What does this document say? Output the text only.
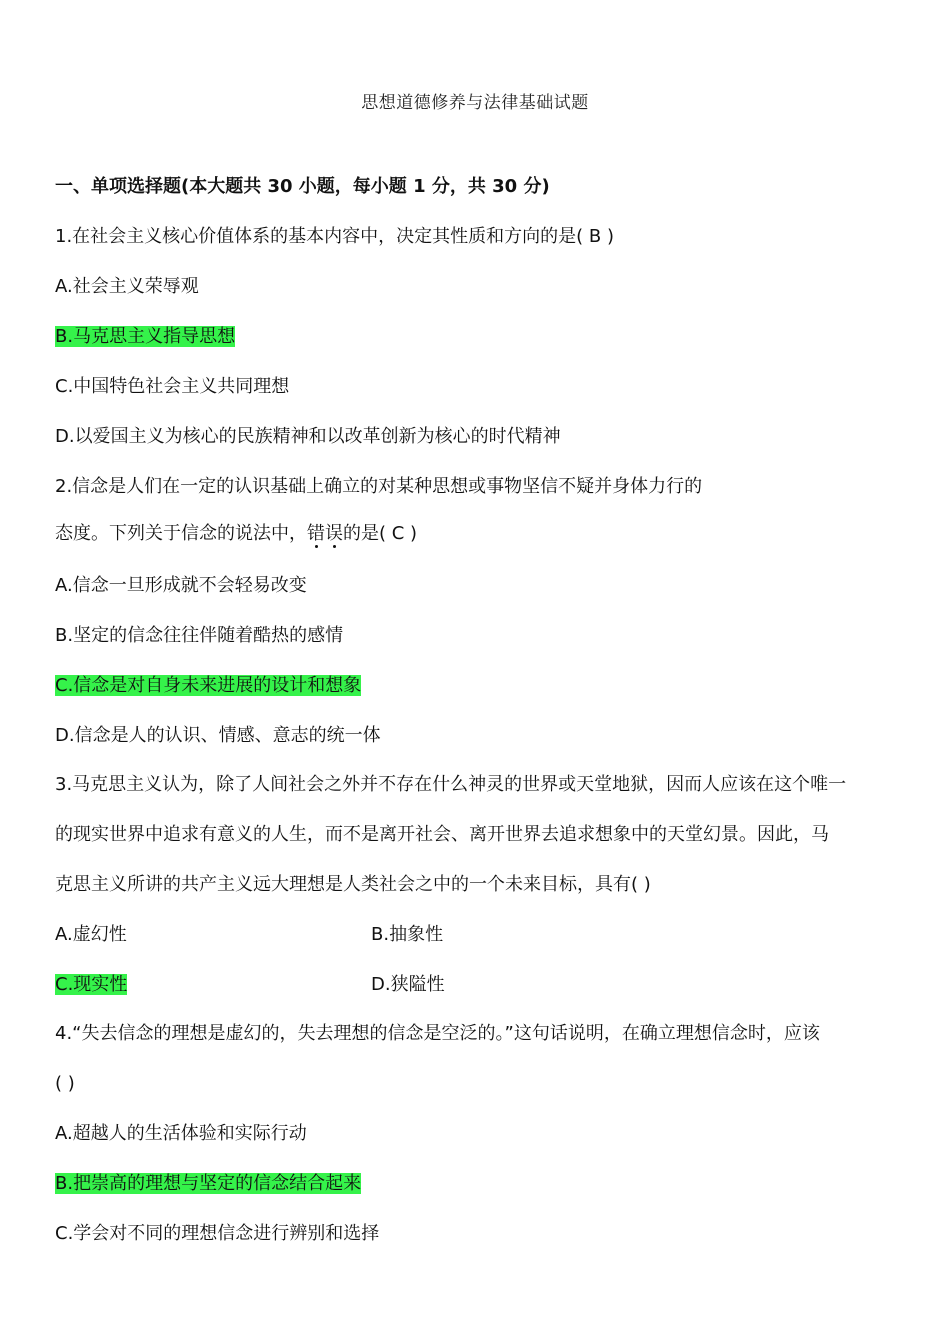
思想道德修养与法律基础试题
一、单项选择题(本大题共 30 小题，每小题 1 分，共 30 分)
1.在社会主义核心价值体系的基本内容中，决定其性质和方向的是( B )
A.社会主义荣辱观
B.马克思主义指导思想
C.中国特色社会主义共同理想
D.以爱国主义为核心的民族精神和以改革创新为核心的时代精神
2.信念是人们在一定的认识基础上确立的对某种思想或事物坚信不疑并身体力行的
态度。下列关于信念的说法中，错误
的是( C )
A.信念一旦形成就不会轻易改变
B.坚定的信念往往伴随着酷热的感情
C.信念是对自身未来进展的设计和想象
D.信念是人的认识、情感、意志的统一体
3.马克思主义认为，除了人间社会之外并不存在什么神灵的世界或天堂地狱，因而人应该在这个唯一
的现实世界中追求有意义的人生，而不是离开社会、离开世界去追求想象中的天堂幻景。因此，马
克思主义所讲的共产主义远大理想是人类社会之中的一个未来目标，具有( )
A.虚幻性	B.抽象性
C.现实性	D.狭隘性
4.“失去信念的理想是虚幻的，失去理想的信念是空泛的。”这句话说明，在确立理想信念时，应该
( )
A.超越人的生活体验和实际行动
B.把崇高的理想与坚定的信念结合起来
C.学会对不同的理想信念进行辨别和选择
